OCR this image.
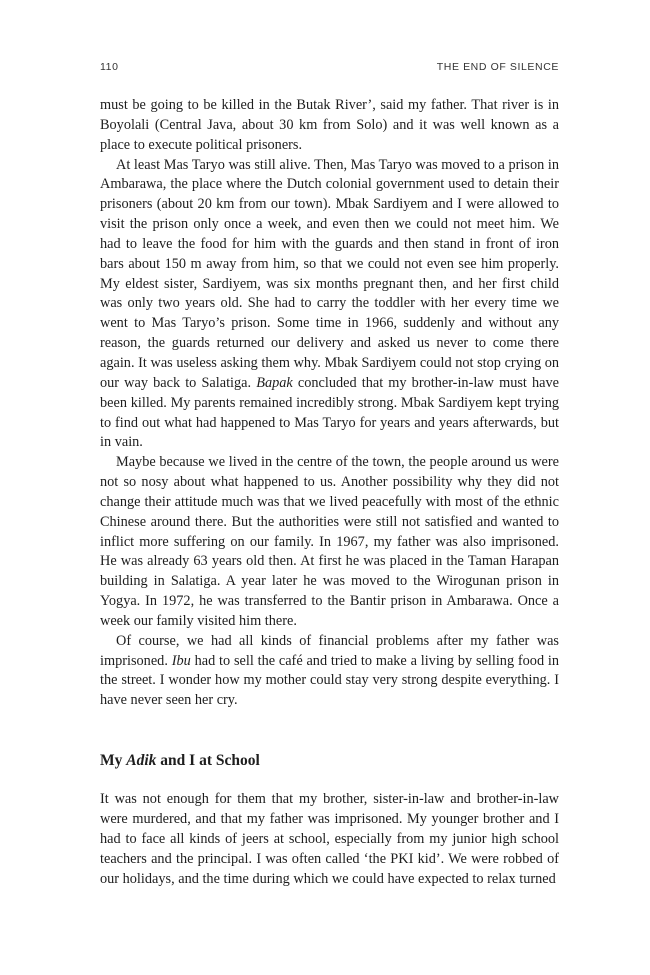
110	THE END OF SILENCE

must be going to be killed in the Butak River’, said my father. That river is in Boyolali (Central Java, about 30 km from Solo) and it was well known as a place to execute political prisoners.

At least Mas Taryo was still alive. Then, Mas Taryo was moved to a prison in Ambarawa, the place where the Dutch colonial government used to detain their prisoners (about 20 km from our town). Mbak Sardiyem and I were allowed to visit the prison only once a week, and even then we could not meet him. We had to leave the food for him with the guards and then stand in front of iron bars about 150 m away from him, so that we could not even see him properly. My eldest sister, Sardiyem, was six months pregnant then, and her first child was only two years old. She had to carry the toddler with her every time we went to Mas Taryo’s prison. Some time in 1966, suddenly and without any reason, the guards returned our delivery and asked us never to come there again. It was useless asking them why. Mbak Sardiyem could not stop crying on our way back to Salatiga. Bapak concluded that my brother-in-law must have been killed. My parents remained incredibly strong. Mbak Sardiyem kept trying to find out what had happened to Mas Taryo for years and years afterwards, but in vain.

Maybe because we lived in the centre of the town, the people around us were not so nosy about what happened to us. Another possibility why they did not change their attitude much was that we lived peacefully with most of the ethnic Chinese around there. But the authorities were still not satisfied and wanted to inflict more suffering on our family. In 1967, my father was also imprisoned. He was already 63 years old then. At first he was placed in the Taman Harapan building in Salatiga. A year later he was moved to the Wirogunan prison in Yogya. In 1972, he was transferred to the Bantir prison in Ambarawa. Once a week our family visited him there.

Of course, we had all kinds of financial problems after my father was imprisoned. Ibu had to sell the café and tried to make a living by selling food in the street. I wonder how my mother could stay very strong despite everything. I have never seen her cry.

My Adik and I at School

It was not enough for them that my brother, sister-in-law and brother-in-law were murdered, and that my father was imprisoned. My younger brother and I had to face all kinds of jeers at school, especially from my junior high school teachers and the principal. I was often called ‘the PKI kid’. We were robbed of our holidays, and the time during which we could have expected to relax turned
